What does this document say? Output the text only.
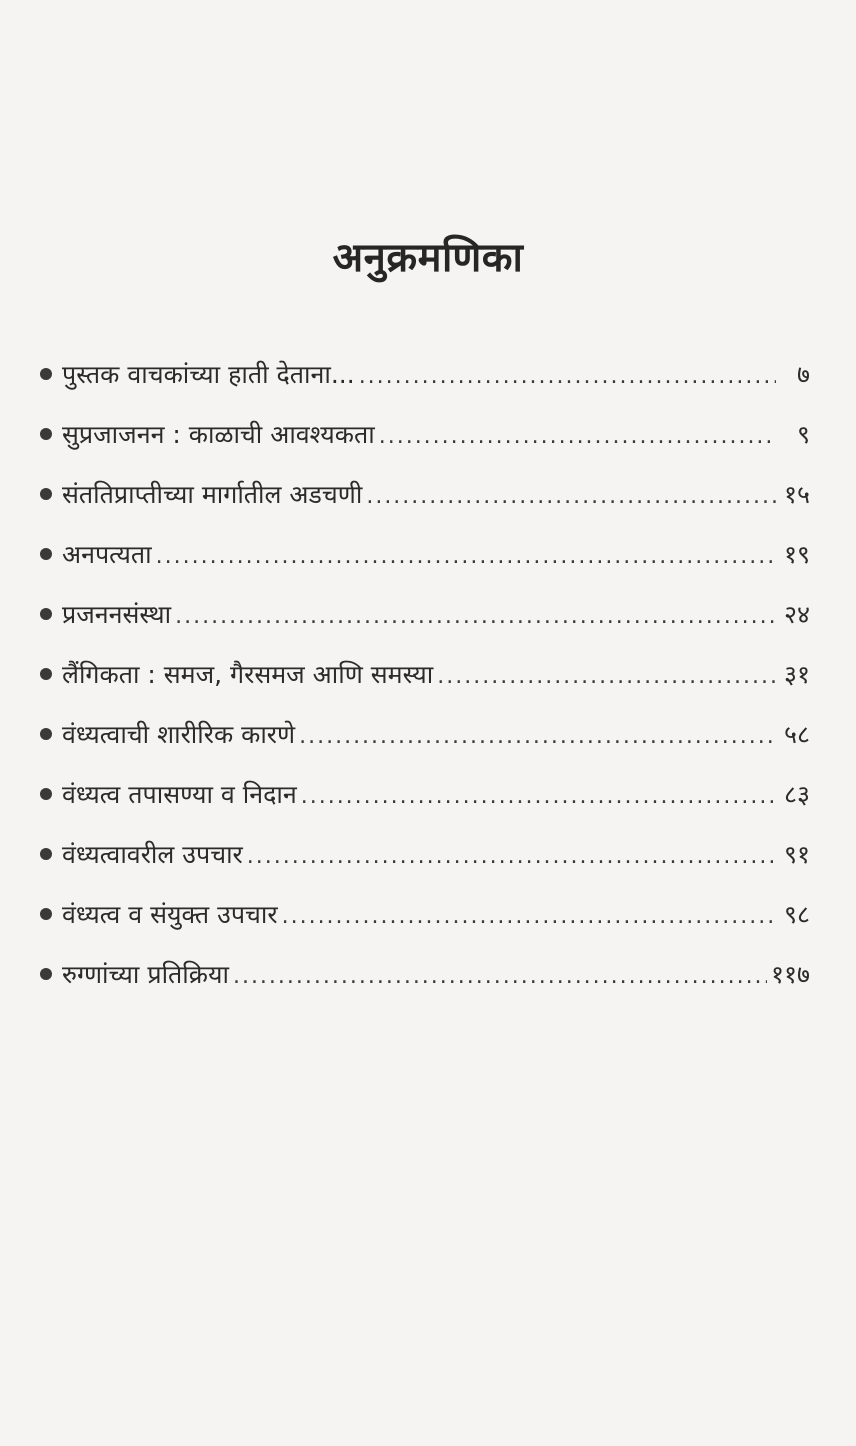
अनुक्रमणिका
पुस्तक वाचकांच्या हाती देताना... .....	७
सुप्रजाजनन : काळाची आवश्यकता .....	९
संततिप्राप्तीच्या मार्गातील अडचणी .....	१५
अनपत्यता .....	१९
प्रजननसंस्था .....	२४
लैंगिकता : समज, गैरसमज आणि समस्या .....	३१
वंध्यत्वाची शारीरिक कारणे .....	५८
वंध्यत्व तपासण्या व निदान .....	८३
वंध्यत्वावरील उपचार .....	९१
वंध्यत्व व संयुक्त उपचार .....	९८
रुग्णांच्या प्रतिक्रिया .....	११७
